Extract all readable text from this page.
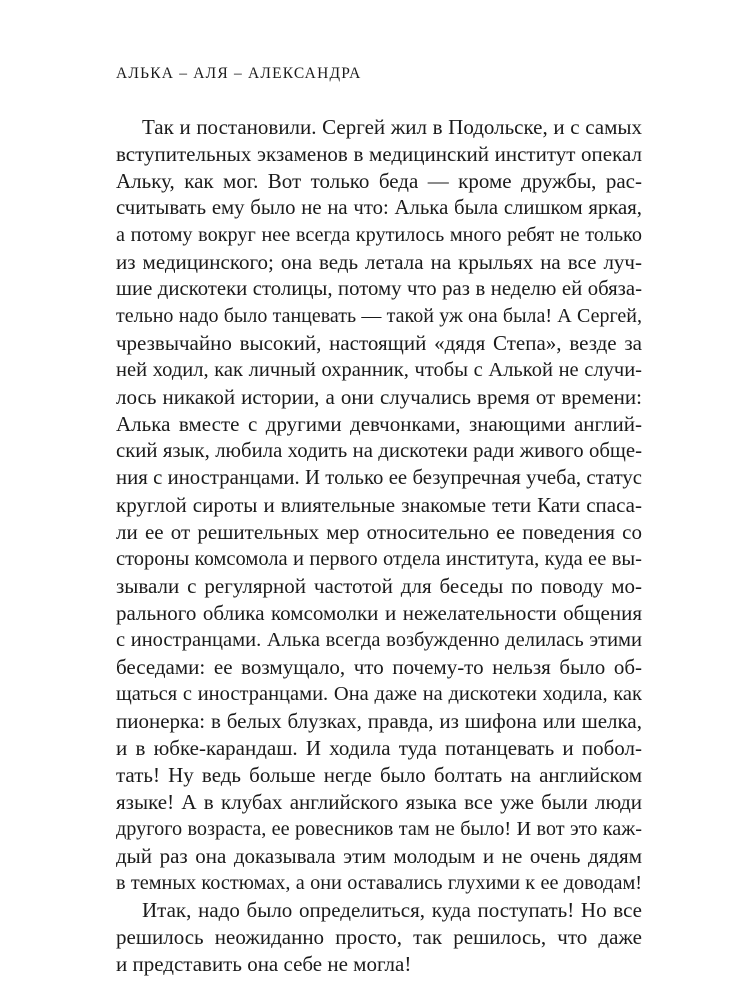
АЛЬКА – АЛЯ – АЛЕКСАНДРА
Так и постановили. Сергей жил в Подольске, и с самых
вступительных экзаменов в медицинский институт опекал
Альку, как мог. Вот только беда — кроме дружбы, рас-
считывать ему было не на что: Алька была слишком яркая,
а потому вокруг нее всегда крутилось много ребят не только
из медицинского; она ведь летала на крыльях на все луч-
шие дискотеки столицы, потому что раз в неделю ей обяза-
тельно надо было танцевать — такой уж она была! А Сергей,
чрезвычайно высокий, настоящий «дядя Степа», везде за
ней ходил, как личный охранник, чтобы с Алькой не случи-
лось никакой истории, а они случались время от времени:
Алька вместе с другими девчонками, знающими англий-
ский язык, любила ходить на дискотеки ради живого обще-
ния с иностранцами. И только ее безупречная учеба, статус
круглой сироты и влиятельные знакомые тети Кати спаса-
ли ее от решительных мер относительно ее поведения со
стороны комсомола и первого отдела института, куда ее вы-
зывали с регулярной частотой для беседы по поводу мо-
рального облика комсомолки и нежелательности общения
с иностранцами. Алька всегда возбужденно делилась этими
беседами: ее возмущало, что почему-то нельзя было об-
щаться с иностранцами. Она даже на дискотеки ходила, как
пионерка: в белых блузках, правда, из шифона или шелка,
и в юбке-карандаш. И ходила туда потанцевать и побол-
тать! Ну ведь больше негде было болтать на английском
языке! А в клубах английского языка все уже были люди
другого возраста, ее ровесников там не было! И вот это каж-
дый раз она доказывала этим молодым и не очень дядям
в темных костюмах, а они оставались глухими к ее доводам!
Итак, надо было определиться, куда поступать! Но все
решилось неожиданно просто, так решилось, что даже
и представить она себе не могла!
